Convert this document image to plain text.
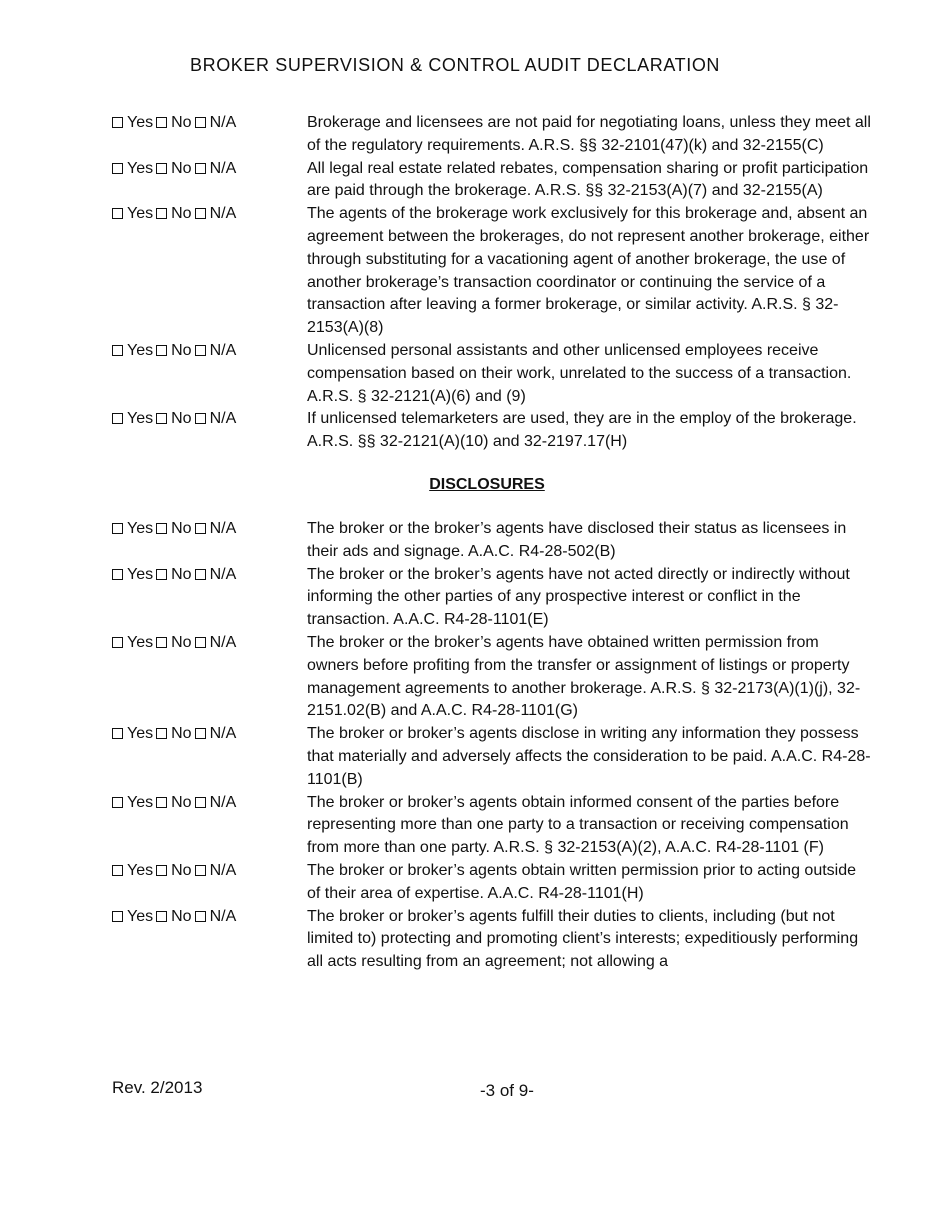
BROKER SUPERVISION & CONTROL AUDIT DECLARATION
Yes No N/A	Brokerage and licensees are not paid for negotiating loans, unless they meet all of the regulatory requirements. A.R.S. §§ 32-2101(47)(k) and 32-2155(C)
Yes No N/A	All legal real estate related rebates, compensation sharing or profit participation are paid through the brokerage. A.R.S. §§ 32-2153(A)(7) and 32-2155(A)
Yes No N/A	The agents of the brokerage work exclusively for this brokerage and, absent an agreement between the brokerages, do not represent another brokerage, either through substituting for a vacationing agent of another brokerage, the use of another brokerage’s transaction coordinator or continuing the service of a transaction after leaving a former brokerage, or similar activity. A.R.S. § 32-2153(A)(8)
Yes No N/A	Unlicensed personal assistants and other unlicensed employees receive compensation based on their work, unrelated to the success of a transaction. A.R.S. § 32-2121(A)(6) and (9)
Yes No N/A	If unlicensed telemarketers are used, they are in the employ of the brokerage. A.R.S. §§ 32-2121(A)(10) and 32-2197.17(H)
DISCLOSURES
Yes No N/A	The broker or the broker’s agents have disclosed their status as licensees in their ads and signage. A.A.C. R4-28-502(B)
Yes No N/A	The broker or the broker’s agents have not acted directly or indirectly without informing the other parties of any prospective interest or conflict in the transaction. A.A.C. R4-28-1101(E)
Yes No N/A	The broker or the broker’s agents have obtained written permission from owners before profiting from the transfer or assignment of listings or property management agreements to another brokerage. A.R.S. § 32-2173(A)(1)(j), 32-2151.02(B) and A.A.C. R4-28-1101(G)
Yes No N/A	The broker or broker’s agents disclose in writing any information they possess that materially and adversely affects the consideration to be paid. A.A.C. R4-28-1101(B)
Yes No N/A	The broker or broker’s agents obtain informed consent of the parties before representing more than one party to a transaction or receiving compensation from more than one party. A.R.S. § 32-2153(A)(2), A.A.C. R4-28-1101 (F)
Yes No N/A	The broker or broker’s agents obtain written permission prior to acting outside of their area of expertise. A.A.C. R4-28-1101(H)
Yes No N/A	The broker or broker’s agents fulfill their duties to clients, including (but not limited to) protecting and promoting client’s interests; expeditiously performing all acts resulting from an agreement; not allowing a
Rev. 2/2013	-3 of 9-
